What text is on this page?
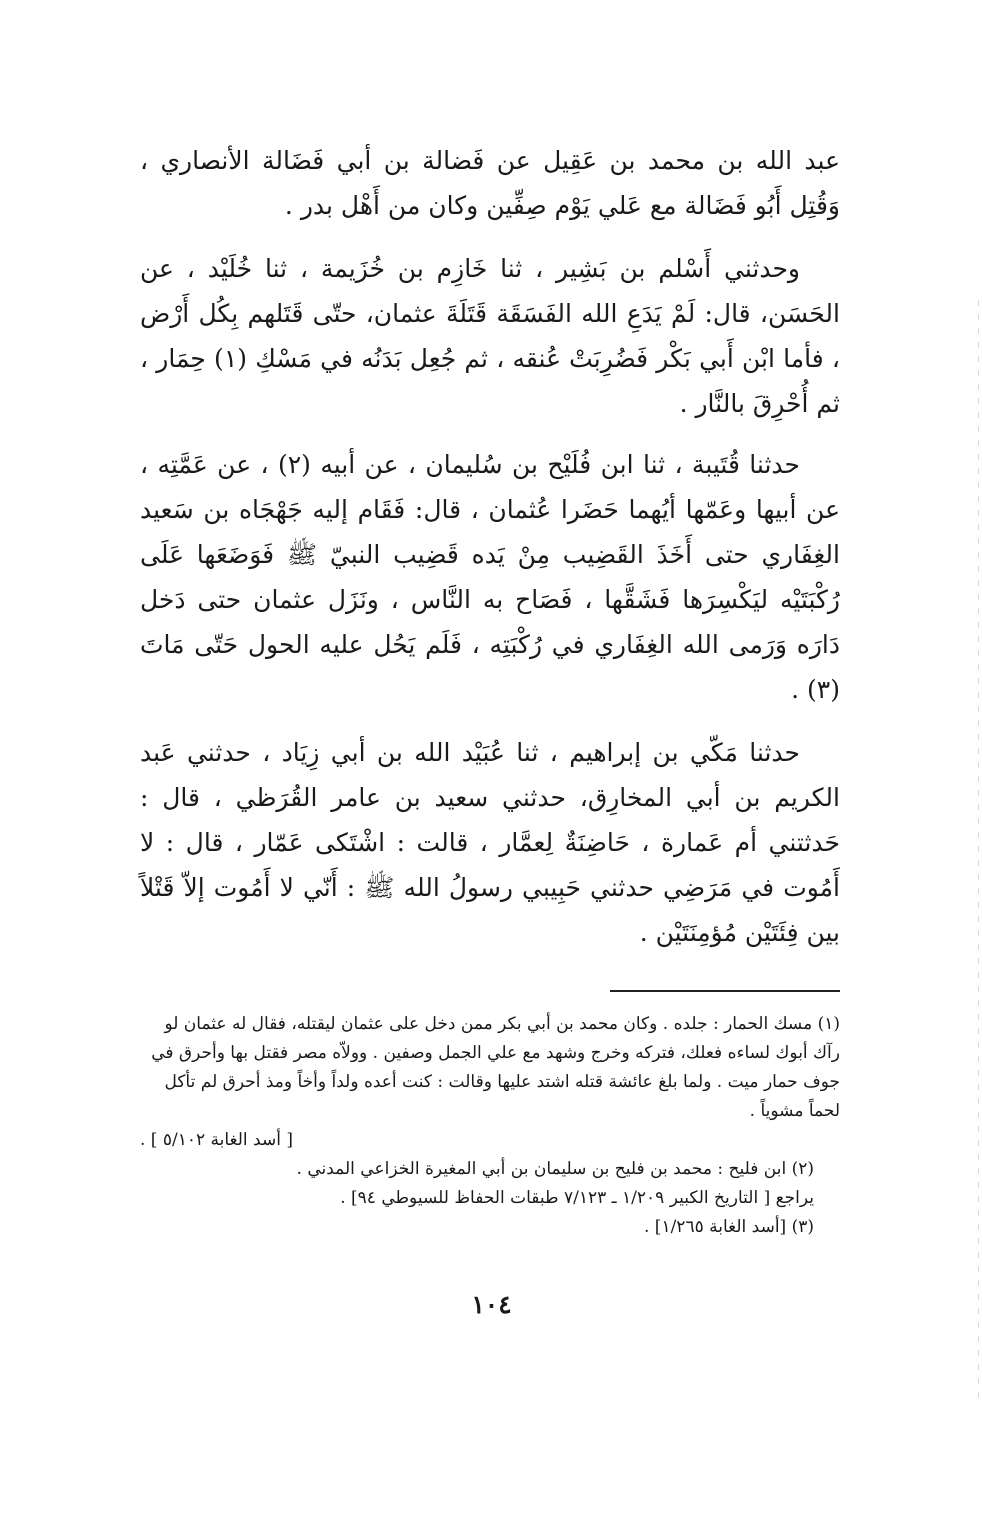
عبد الله بن محمد بن عَقِيل عن فَضالة بن أبي فَضَالة الأنصاري ، وَقُتِل أَبُو فَضَالة مع عَلي يَوْم صِفِّين وكان من أَهْل بدر .

وحدثني أَسْلم بن بَشِير ، ثنا خَازِم بن خُزَيمة ، ثنا خُلَيْد ، عن الحَسَن، قال: لَمْ يَدَعِ الله الفَسَقَة قَتَلَةَ عثمان، حتّى قَتَلهم بِكُل أَرْض ، فأما ابْن أَبي بَكْر فَضُرِبَتْ عُنقه ، ثم جُعِل بَدَنُه في مَسْكِ (١) حِمَار ، ثم أُحْرِقَ بالنَّار .

حدثنا قُتَيبة ، ثنا ابن فُلَيْح بن سُليمان ، عن أبيه (٢) ، عن عَمَّتِه ، عن أبيها وعَمّها أيُهما حَضَرا عُثمان ، قال: فَقَام إليه جَهْجَاه بن سَعيد الغِفَاري حتى أَخَذَ القَضِيب مِنْ يَده قَضِيب النبيّ ﷺ فَوَضَعَها عَلَى رُكْبَتَيْه ليَكْسِرَها فَشَقَّها ، فَصَاح به النَّاس ، ونَزَل عثمان حتى دَخل دَارَه وَرَمى الله الغِفَاري في رُكْبَتِه ، فَلَم يَحُل عليه الحول حَتّى مَاتَ (٣) .

حدثنا مَكّي بن إبراهيم ، ثنا عُبَيْد الله بن أبي زِيَاد ، حدثني عَبد الكريم بن أبي المخارِق، حدثني سعيد بن عامر القُرَظي ، قال : حَدثتني أم عَمارة ، حَاضِنَةٌ لِعمَّار ، قالت : اشْتَكى عَمّار ، قال : لا أَمُوت في مَرَضِي حدثني حَبِيبي رسولُ الله ﷺ : أَنّي لا أَمُوت إلاّ قَتْلاً بين فِئَتَيْن مُؤمِنَتَيْن .

(١) مسك الحمار : جلده . وكان محمد بن أبي بكر ممن دخل على عثمان ليقتله، فقال له عثمان لو رآك أبوك لساءه فعلك، فتركه وخرج وشهد مع علي الجمل وصفين . وولاّه مصر فقتل بها وأحرق في جوف حمار ميت . ولما بلغ عائشة قتله اشتد عليها وقالت : كنت أعده ولداً وأخاً ومذ أحرق لم تأكل لحماً مشوياً .

[ أسد الغابة ٥/١٠٢ ] .

(٢) ابن فليح : محمد بن فليح بن سليمان بن أبي المغيرة الخزاعي المدني .

يراجع [ التاريخ الكبير ١/٢٠٩ ـ ٧/١٢٣ طبقات الحفاظ للسيوطي ٩٤] .

(٣) [أسد الغابة ١/٢٦٥] .

١٠٤
